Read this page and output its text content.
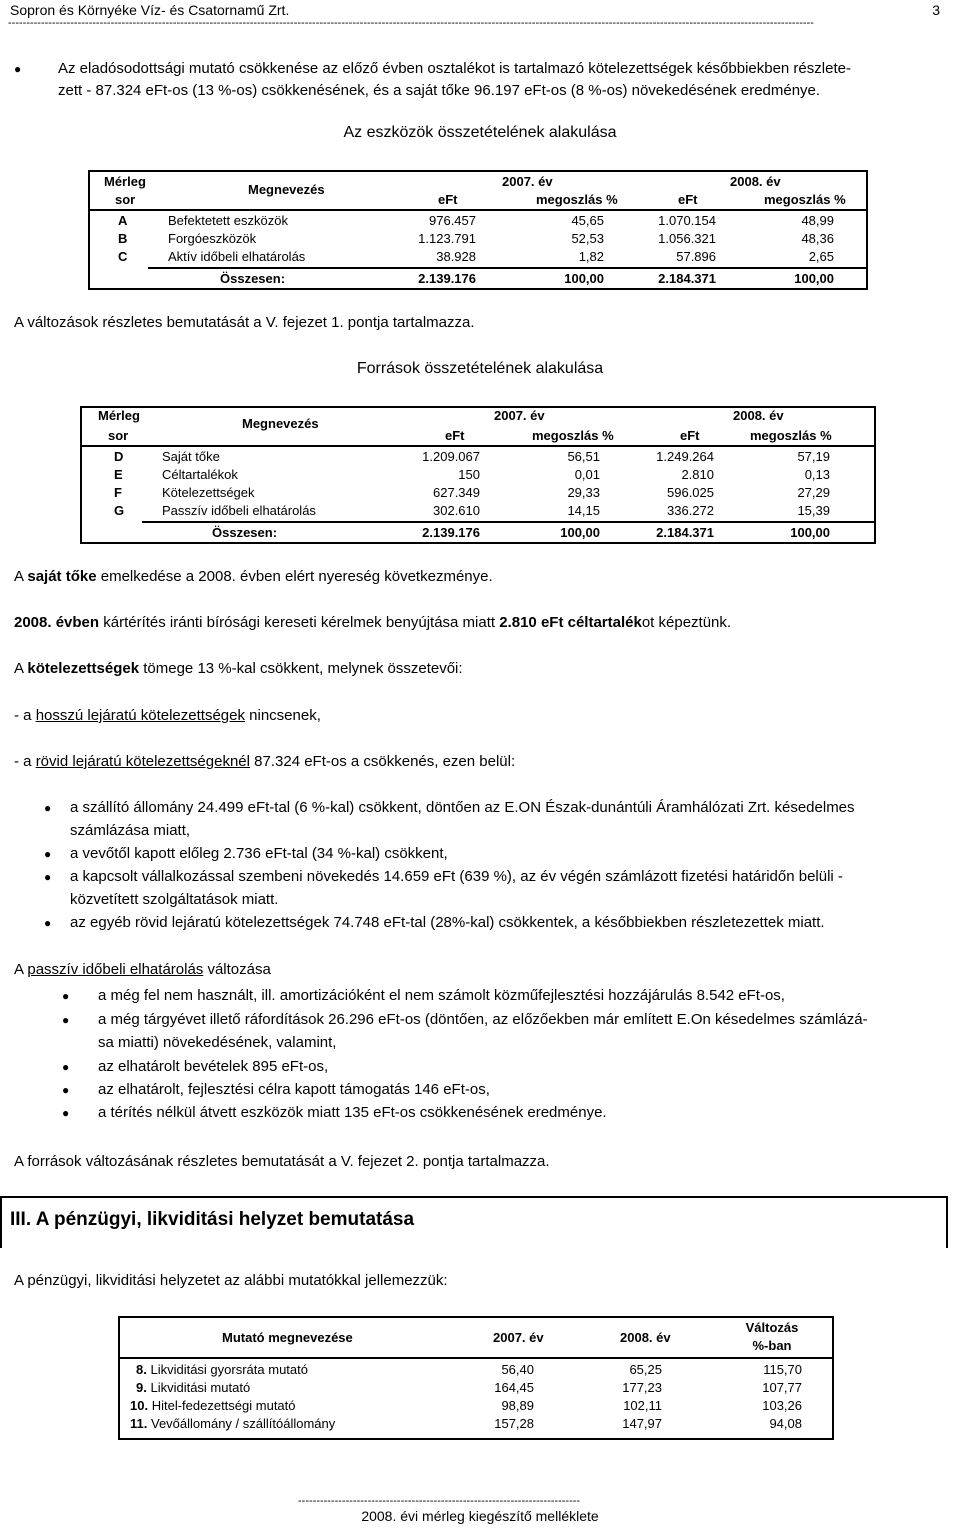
Sopron és Környéke Víz- és Csatornamű Zrt.	3
----------------------------------------------------------------------------------------------------------------------------------------------------------------------------------------------------------------------------
● Az eladósodottsági mutató csökkenése az előző évben osztalékot is tartalmazó kötelezettségek későbbiekben részlete-
zett - 87.324 eFt-os (13 %-os) csökkenésének, és a saját tőke 96.197 eFt-os (8 %-os) növekedésének eredménye.
Az eszközök összetételének alakulása
Mérleg
sor
Megnevezés
2007. év	2008. év
eFt	megoszlás %	eFt	megoszlás %
A	Befektetett eszközök	976.457	45,65	1.070.154	48,99
B	Forgóeszközök	1.123.791	52,53	1.056.321	48,36
C	Aktív időbeli elhatárolás	38.928	1,82	57.896	2,65
Összesen:	2.139.176	100,00	2.184.371	100,00
A változások részletes bemutatását a V. fejezet 1. pontja tartalmazza.
Források összetételének alakulása
Mérleg
sor
Megnevezés
2007. év	2008. év
eFt	megoszlás %	eFt	megoszlás %
D	Saját tőke	1.209.067	56,51	1.249.264	57,19
E	Céltartalékok	150	0,01	2.810	0,13
F	Kötelezettségek	627.349	29,33	596.025	27,29
G	Passzív időbeli elhatárolás	302.610	14,15	336.272	15,39
Összesen:	2.139.176	100,00	2.184.371	100,00
A saját tőke emelkedése a 2008. évben elért nyereség következménye.
2008. évben kártérítés iránti bírósági kereseti kérelmek benyújtása miatt 2.810 eFt céltartalékot képeztünk.
A kötelezettségek tömege 13 %-kal csökkent, melynek összetevői:
- a hosszú lejáratú kötelezettségek nincsenek,
- a rövid lejáratú kötelezettségeknél 87.324 eFt-os a csökkenés, ezen belül:
● a szállító állomány 24.499 eFt-tal (6 %-kal) csökkent, döntően az E.ON Észak-dunántúli Áramhálózati Zrt. késedelmes
számlázása miatt,
● a vevőtől kapott előleg 2.736 eFt-tal (34 %-kal) csökkent,
● a kapcsolt vállalkozással szembeni növekedés 14.659 eFt (639 %), az év végén számlázott fizetési határidőn belüli -
közvetített szolgáltatások miatt.
● az egyéb rövid lejáratú kötelezettségek 74.748 eFt-tal (28%-kal) csökkentek, a későbbiekben részletezettek miatt.
A passzív időbeli elhatárolás változása
● a még fel nem használt, ill. amortizációként el nem számolt közműfejlesztési hozzájárulás 8.542 eFt-os,
● a még tárgyévet illető ráfordítások 26.296 eFt-os (döntően, az előzőekben már említett E.On késedelmes számlázá-
sa miatti) növekedésének, valamint,
● az elhatárolt bevételek 895 eFt-os,
● az elhatárolt, fejlesztési célra kapott támogatás 146 eFt-os,
● a térítés nélkül átvett eszközök miatt 135 eFt-os csökkenésének eredménye.
A források változásának részletes bemutatását a V. fejezet 2. pontja tartalmazza.
III. A pénzügyi, likviditási helyzet bemutatása
A pénzügyi, likviditási helyzetet az alábbi mutatókkal jellemezzük:
Mutató megnevezése	2007. év	2008. év
Változás
%-ban
8. Likviditási gyorsráta mutató	56,40	65,25	115,70
9. Likviditási mutató	164,45	177,23	107,77
10. Hitel-fedezettségi mutató	98,89	102,11	103,26
11. Vevőállomány / szállítóállomány	157,28	147,97	94,08
-----------------------------------------------------------------------------
2008. évi mérleg kiegészítő melléklete
